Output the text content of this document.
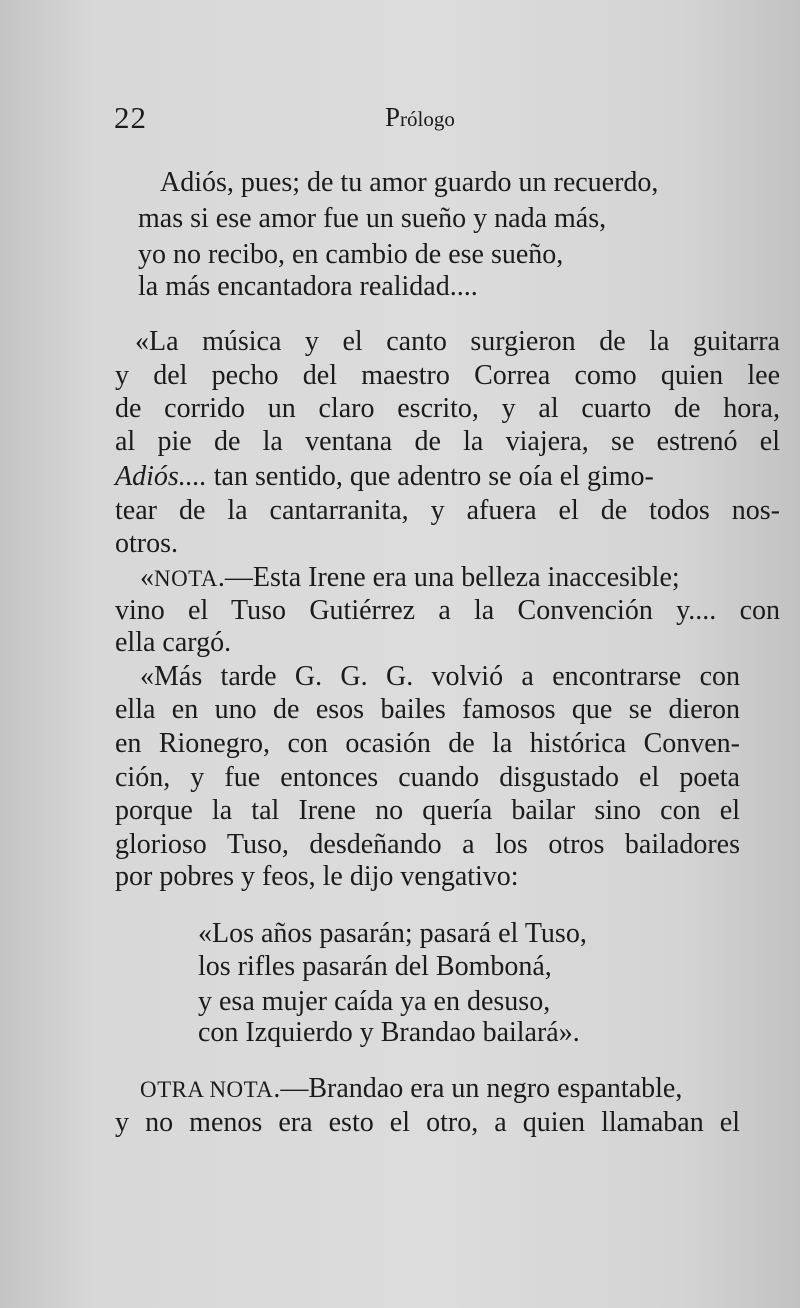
22	Prólogo
Adiós, pues; de tu amor guardo un recuerdo,
mas si ese amor fue un sueño y nada más,
yo no recibo, en cambio de ese sueño,
la más encantadora realidad....
«La música y el canto surgieron de la guitarra
y del pecho del maestro Correa como quien lee
de corrido un claro escrito, y al cuarto de hora,
al pie de la ventana de la viajera, se estrenó el
Adiós.... tan sentido, que adentro se oía el gimo-
tear de la cantarranita, y afuera el de todos nos-
otros.
«NOTA.—Esta Irene era una belleza inaccesible;
vino el Tuso Gutiérrez a la Convención y.... con
ella cargó.
«Más tarde G. G. G. volvió a encontrarse con
ella en uno de esos bailes famosos que se dieron
en Rionegro, con ocasión de la histórica Conven-
ción, y fue entonces cuando disgustado el poeta
porque la tal Irene no quería bailar sino con el
glorioso Tuso, desdeñando a los otros bailadores
por pobres y feos, le dijo vengativo:
«Los años pasarán; pasará el Tuso,
los rifles pasarán del Bomboná,
y esa mujer caída ya en desuso,
con Izquierdo y Brandao bailará».
OTRA NOTA.—Brandao era un negro espantable,
y no menos era esto el otro, a quien llamaban el
